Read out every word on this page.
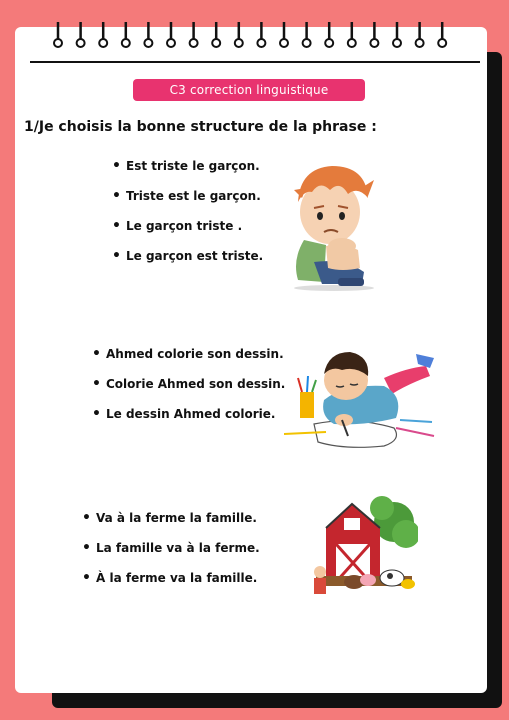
C3 correction linguistique
1/Je choisis la bonne structure de la phrase :
• Est triste le garçon.
• Triste est le garçon.
• Le garçon triste .
• Le garçon est triste.
• Ahmed colorie son dessin.
• Colorie Ahmed son dessin.
• Le dessin Ahmed colorie.
• Va à la ferme la famille.
• La famille va à la ferme.
• À la ferme va la famille.
